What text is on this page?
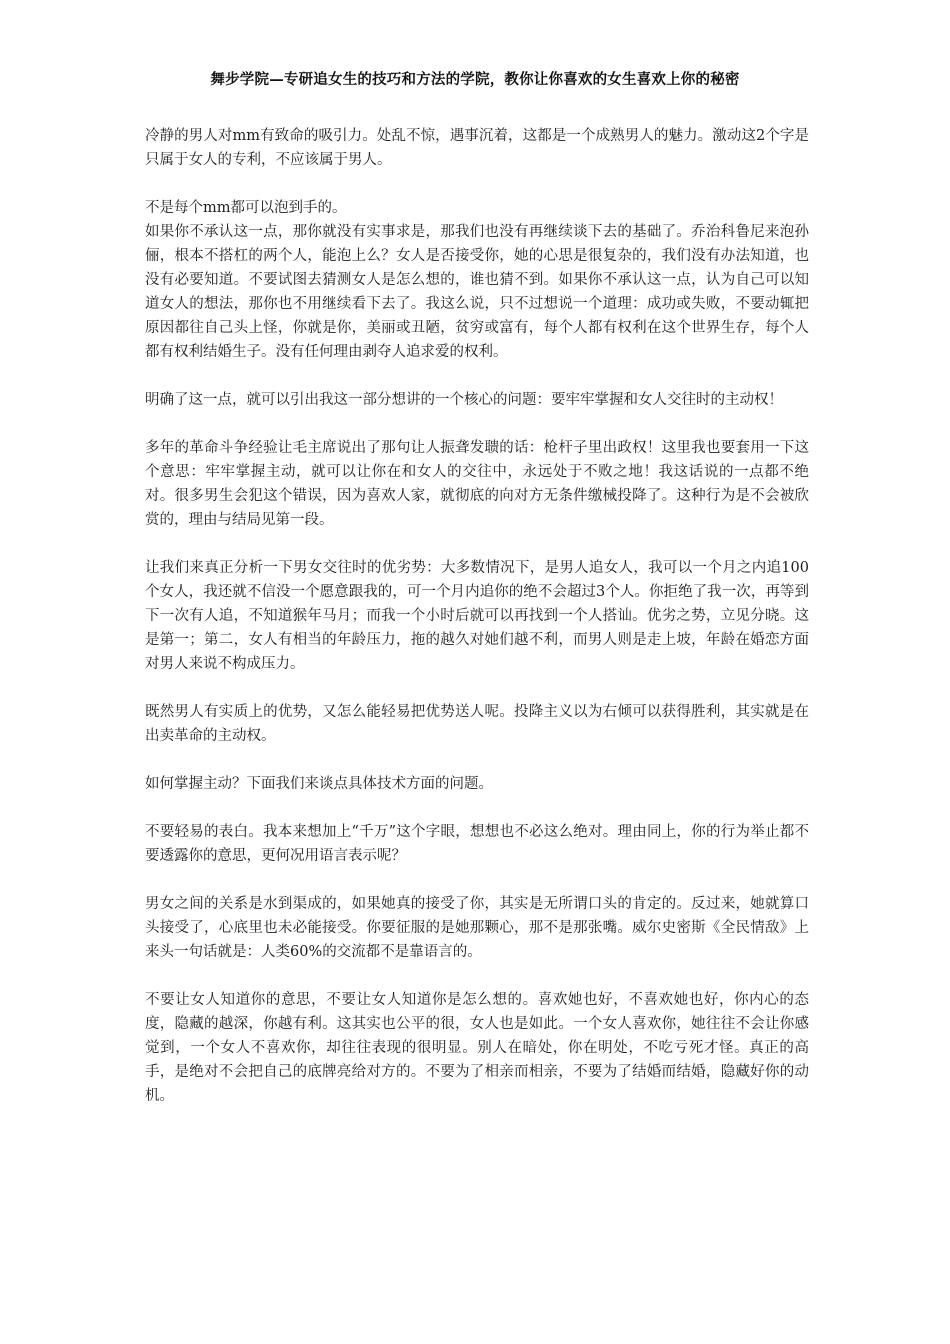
舞步学院—专研追女生的技巧和方法的学院，教你让你喜欢的女生喜欢上你的秘密

冷静的男人对mm有致命的吸引力。处乱不惊，遇事沉着，这都是一个成熟男人的魅力。激动这2个字是只属于女人的专利，不应该属于男人。

不是每个mm都可以泡到手的。

如果你不承认这一点，那你就没有实事求是，那我们也没有再继续谈下去的基础了。乔治科鲁尼来泡孙俪，根本不搭杠的两个人，能泡上么？女人是否接受你，她的心思是很复杂的，我们没有办法知道，也没有必要知道。不要试图去猜测女人是怎么想的，谁也猜不到。如果你不承认这一点，认为自己可以知道女人的想法，那你也不用继续看下去了。我这么说，只不过想说一个道理：成功或失败，不要动辄把原因都往自己头上怪，你就是你，美丽或丑陋，贫穷或富有，每个人都有权利在这个世界生存，每个人都有权利结婚生子。没有任何理由剥夺人追求爱的权利。

明确了这一点，就可以引出我这一部分想讲的一个核心的问题：要牢牢掌握和女人交往时的主动权！

多年的革命斗争经验让毛主席说出了那句让人振聋发聩的话：枪杆子里出政权！这里我也要套用一下这个意思：牢牢掌握主动，就可以让你在和女人的交往中，永远处于不败之地！我这话说的一点都不绝对。很多男生会犯这个错误，因为喜欢人家，就彻底的向对方无条件缴械投降了。这种行为是不会被欣赏的，理由与结局见第一段。

让我们来真正分析一下男女交往时的优劣势：大多数情况下，是男人追女人，我可以一个月之内追100个女人，我还就不信没一个愿意跟我的，可一个月内追你的绝不会超过3个人。你拒绝了我一次，再等到下一次有人追，不知道猴年马月；而我一个小时后就可以再找到一个人搭讪。优劣之势，立见分晓。这是第一；第二，女人有相当的年龄压力，拖的越久对她们越不利，而男人则是走上坡，年龄在婚恋方面对男人来说不构成压力。

既然男人有实质上的优势，又怎么能轻易把优势送人呢。投降主义以为右倾可以获得胜利，其实就是在出卖革命的主动权。

如何掌握主动？下面我们来谈点具体技术方面的问题。

不要轻易的表白。我本来想加上“千万”这个字眼，想想也不必这么绝对。理由同上，你的行为举止都不要透露你的意思，更何况用语言表示呢？

男女之间的关系是水到渠成的，如果她真的接受了你，其实是无所谓口头的肯定的。反过来，她就算口头接受了，心底里也未必能接受。你要征服的是她那颗心，那不是那张嘴。威尔史密斯《全民情敌》上来头一句话就是：人类60%的交流都不是靠语言的。

不要让女人知道你的意思，不要让女人知道你是怎么想的。喜欢她也好，不喜欢她也好，你内心的态度，隐藏的越深，你越有利。这其实也公平的很，女人也是如此。一个女人喜欢你，她往往不会让你感觉到，一个女人不喜欢你，却往往表现的很明显。别人在暗处，你在明处，不吃亏死才怪。真正的高手，是绝对不会把自己的底牌亮给对方的。不要为了相亲而相亲，不要为了结婚而结婚，隐藏好你的动机。
